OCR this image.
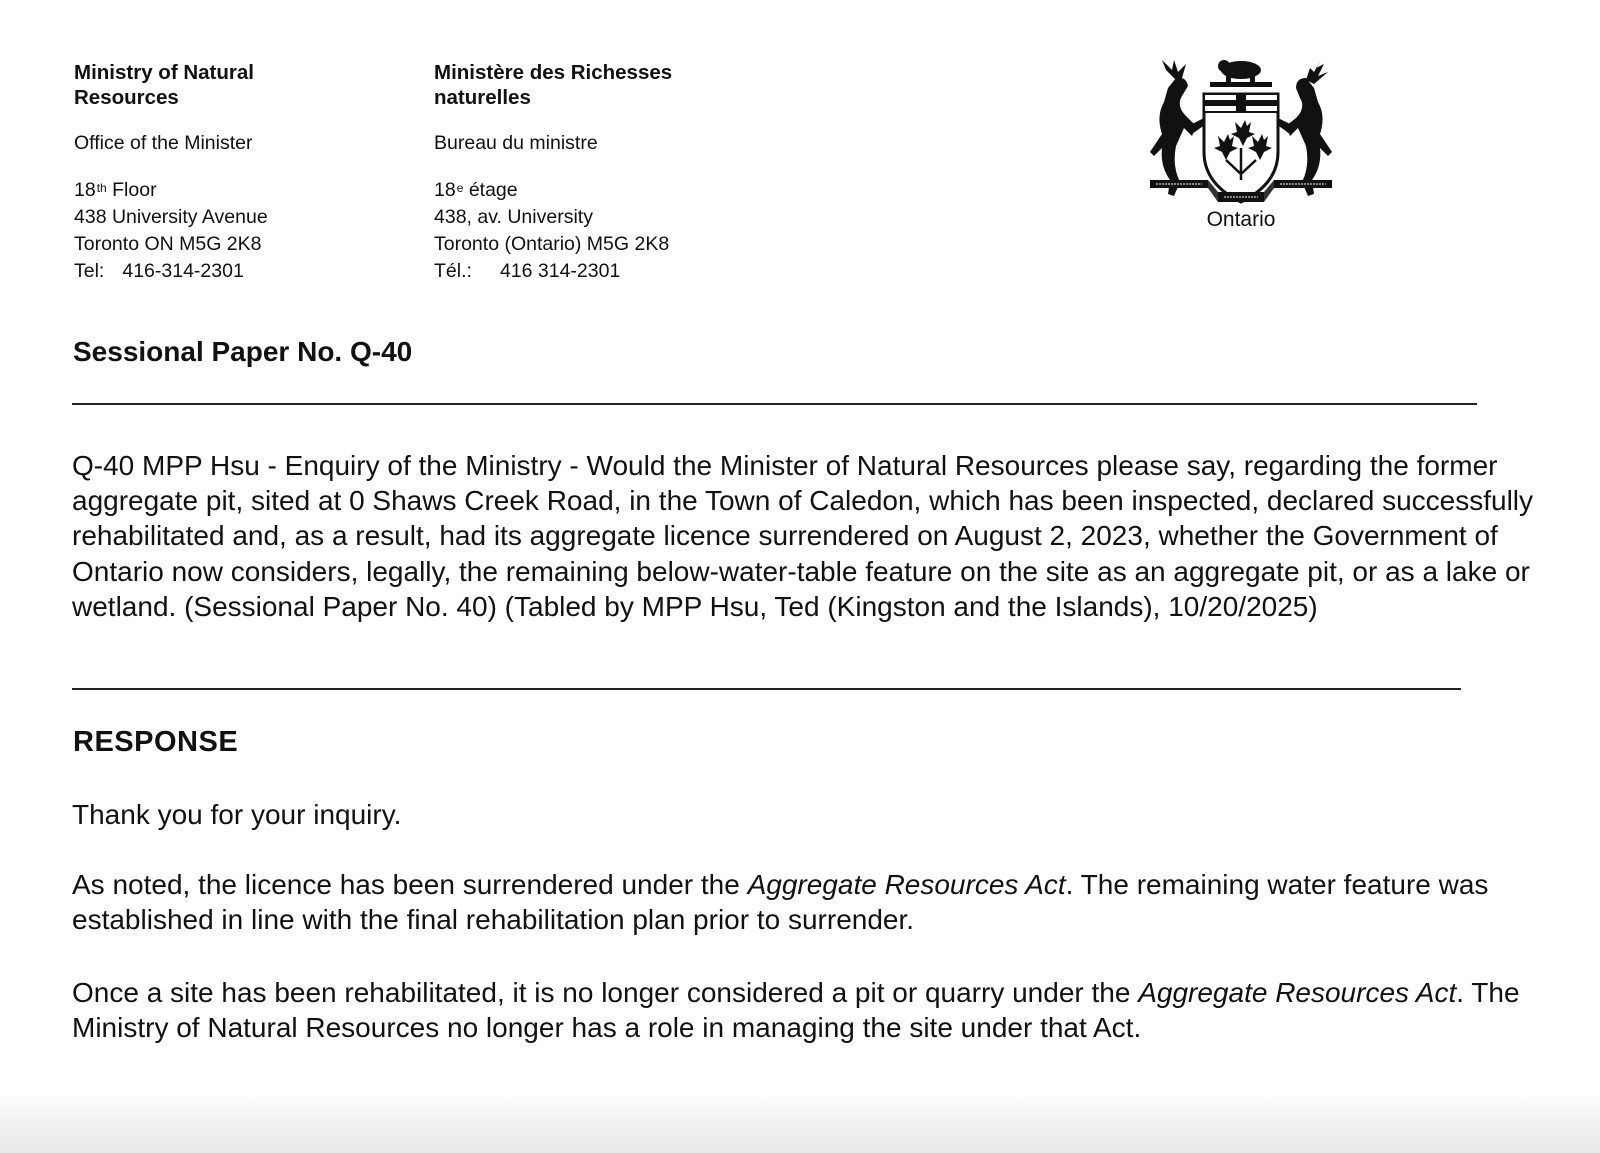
Ministry of Natural
Resources
Office of the Minister
18th Floor
438 University Avenue
Toronto ON M5G 2K8
Tel: 416-314-2301
Ministère des Richesses
naturelles
Bureau du ministre
18e étage
438, av. University
Toronto (Ontario) M5G 2K8
Tél.: 416 314-2301
Ontario
Sessional Paper No. Q-40

Q-40 MPP Hsu - Enquiry of the Ministry - Would the Minister of Natural Resources please say, regarding the former aggregate pit, sited at 0 Shaws Creek Road, in the Town of Caledon, which has been inspected, declared successfully rehabilitated and, as a result, had its aggregate licence surrendered on August 2, 2023, whether the Government of Ontario now considers, legally, the remaining below-water-table feature on the site as an aggregate pit, or as a lake or wetland. (Sessional Paper No. 40) (Tabled by MPP Hsu, Ted (Kingston and the Islands), 10/20/2025)

RESPONSE

Thank you for your inquiry.

As noted, the licence has been surrendered under the Aggregate Resources Act. The remaining water feature was established in line with the final rehabilitation plan prior to surrender.

Once a site has been rehabilitated, it is no longer considered a pit or quarry under the Aggregate Resources Act. The Ministry of Natural Resources no longer has a role in managing the site under that Act.
